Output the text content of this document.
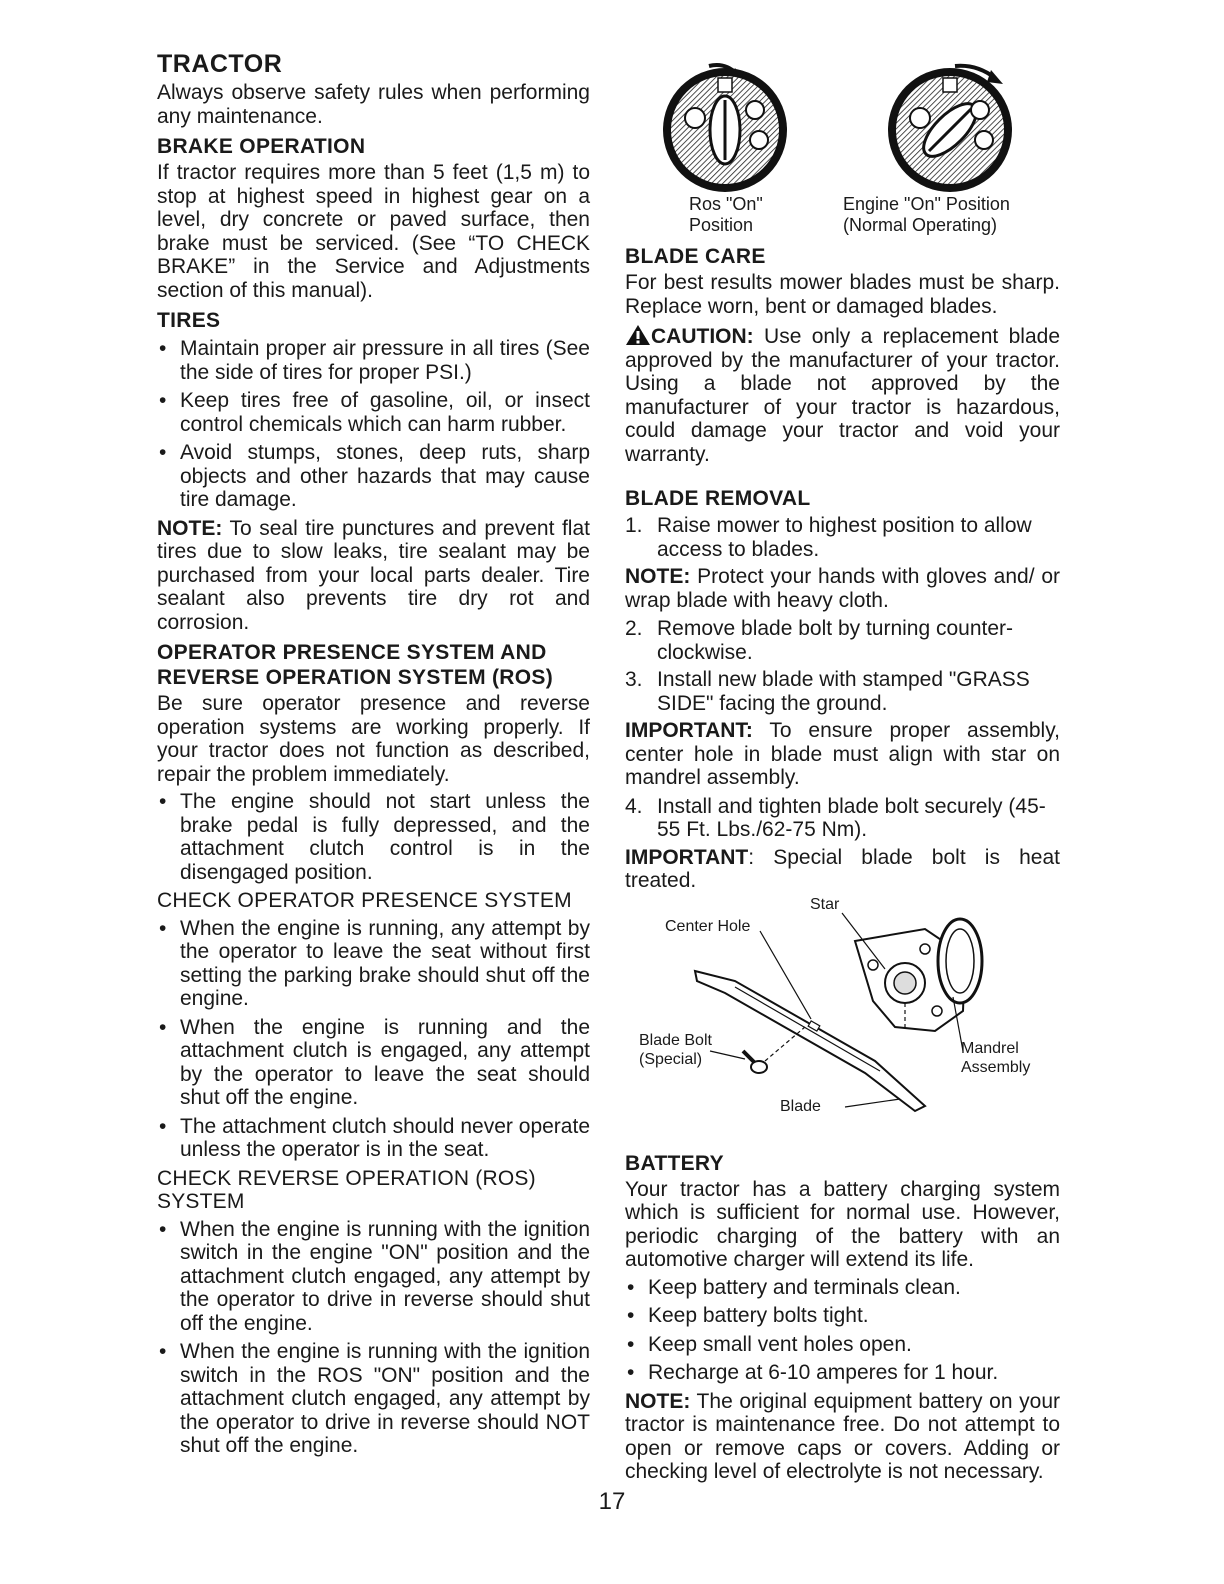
TRACTOR

Always observe safety rules when performing any maintenance.

BRAKE OPERATION

If tractor requires more than 5 feet (1,5 m) to stop at highest speed in highest gear on a level, dry concrete or paved surface, then brake must be serviced. (See “TO CHECK BRAKE” in the Service and Adjustments section of this manual).

TIRES
• Maintain proper air pressure in all tires (See the side of tires for proper PSI.)
• Keep tires free of gasoline, oil, or insect control chemicals which can harm rubber.
• Avoid stumps, stones, deep ruts, sharp objects and other hazards that may cause tire damage.

NOTE: To seal tire punctures and prevent flat tires due to slow leaks, tire sealant may be purchased from your local parts dealer. Tire sealant also prevents tire dry rot and corrosion.

OPERATOR PRESENCE SYSTEM AND REVERSE OPERATION SYSTEM (ROS)

Be sure operator presence and reverse operation systems are working properly. If your tractor does not function as described, repair the problem immediately.

• The engine should not start unless the brake pedal is fully depressed, and the attachment clutch control is in the disengaged position.

CHECK OPERATOR PRESENCE SYSTEM

• When the engine is running, any attempt by the operator to leave the seat without first setting the parking brake should shut off the engine.
• When the engine is running and the attachment clutch is engaged, any attempt by the operator to leave the seat should shut off the engine.
• The attachment clutch should never operate unless the operator is in the seat.

CHECK REVERSE OPERATION (ROS) SYSTEM

• When the engine is running with the ignition switch in the engine "ON" position and the attachment clutch engaged, any attempt by the operator to drive in reverse should shut off the engine.
• When the engine is running with the ignition switch in the ROS "ON" position and the attachment clutch engaged, any attempt by the operator to drive in reverse should NOT shut off the engine.
Ros "On"
Position
Engine "On" Position
(Normal Operating)
BLADE CARE

For best results mower blades must be sharp. Replace worn, bent or damaged blades.

CAUTION: Use only a replacement blade approved by the manufacturer of your tractor. Using a blade not approved by the manufacturer of your tractor is hazardous, could damage your tractor and void your warranty.

BLADE REMOVAL
1. Raise mower to highest position to allow access to blades.

NOTE: Protect your hands with gloves and/ or wrap blade with heavy cloth.

2. Remove blade bolt by turning counter-clockwise.
3. Install new blade with stamped "GRASS SIDE" facing the ground.

IMPORTANT: To ensure proper assembly, center hole in blade must align with star on mandrel assembly.

4. Install and tighten blade bolt securely (45-55 Ft. Lbs./62-75 Nm).

IMPORTANT: Special blade bolt is heat treated.

Star
Center Hole
Blade Bolt
(Special)
Mandrel
Assembly
Blade
BATTERY

Your tractor has a battery charging system which is sufficient for normal use. However, periodic charging of the battery with an automotive charger will extend its life.

• Keep battery and terminals clean.
• Keep battery bolts tight.
• Keep small vent holes open.
• Recharge at 6-10 amperes for 1 hour.

NOTE: The original equipment battery on your tractor is maintenance free. Do not attempt to open or remove caps or covers. Adding or checking level of electrolyte is not necessary.

17
